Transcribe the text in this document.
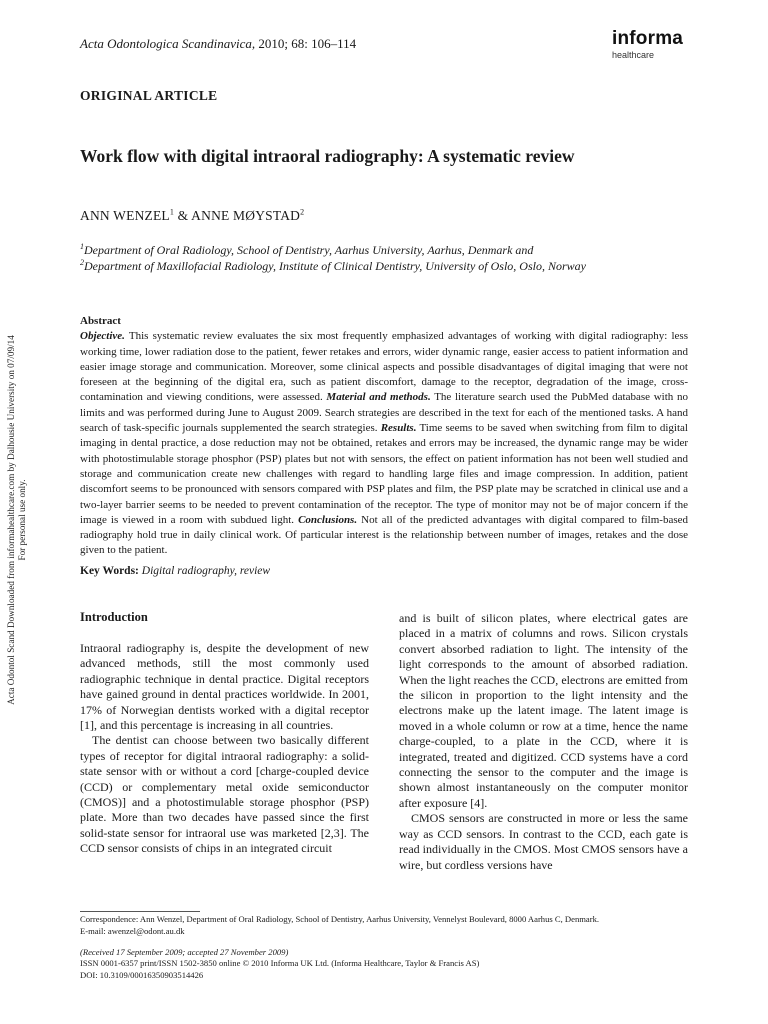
Acta Odontol Scand Downloaded from informahealthcare.com by Dalhousie University on 07/09/14 For personal use only.
Acta Odontologica Scandinavica, 2010; 68: 106–114	informa
healthcare
ORIGINAL ARTICLE
Work flow with digital intraoral radiography: A systematic review
ANN WENZEL$^1$ & ANNE MØYSTAD$^2$
$^1$Department of Oral Radiology, School of Dentistry, Aarhus University, Aarhus, Denmark and
$^2$Department of Maxillofacial Radiology, Institute of Clinical Dentistry, University of Oslo, Oslo, Norway
Abstract
Objective. This systematic review evaluates the six most frequently emphasized advantages of working with digital radiography: less working time, lower radiation dose to the patient, fewer retakes and errors, wider dynamic range, easier access to patient information and easier image storage and communication. Moreover, some clinical aspects and possible disadvantages of digital imaging that were not foreseen at the beginning of the digital era, such as patient discomfort, damage to the receptor, degradation of the image, cross-contamination and viewing conditions, were assessed. Material and methods. The literature search used the PubMed database with no limits and was performed during June to August 2009. Search strategies are described in the text for each of the mentioned tasks. A hand search of task-specific journals supplemented the search strategies. Results. Time seems to be saved when switching from film to digital imaging in dental practice, a dose reduction may not be obtained, retakes and errors may be increased, the dynamic range may be wider with photostimulable storage phosphor (PSP) plates but not with sensors, the effect on patient information has not been well studied and storage and communication create new challenges with regard to handling large files and image compression. In addition, patient discomfort seems to be pronounced with sensors compared with PSP plates and film, the PSP plate may be scratched in clinical use and a two-layer barrier seems to be needed to prevent contamination of the receptor. The type of monitor may not be of major concern if the image is viewed in a room with subdued light. Conclusions. Not all of the predicted advantages with digital compared to film-based radiography hold true in daily clinical work. Of particular interest is the relationship between number of images, retakes and the dose given to the patient.
Key Words: Digital radiography, review
Introduction

Intraoral radiography is, despite the development of new advanced methods, still the most commonly used radiographic technique in dental practice. Digital receptors have gained ground in dental practices worldwide. In 2001, 17% of Norwegian dentists worked with a digital receptor [1], and this percentage is increasing in all countries.

The dentist can choose between two basically different types of receptor for digital intraoral radiography: a solid-state sensor with or without a cord [charge-coupled device (CCD) or complementary metal oxide semiconductor (CMOS)] and a photostimulable storage phosphor (PSP) plate. More than two decades have passed since the first solid-state sensor for intraoral use was marketed [2,3]. The CCD sensor consists of chips in an integrated circuit

and is built of silicon plates, where electrical gates are placed in a matrix of columns and rows. Silicon crystals convert absorbed radiation to light. The intensity of the light corresponds to the amount of absorbed radiation. When the light reaches the CCD, electrons are emitted from the silicon in proportion to the light intensity and the electrons make up the latent image. The latent image is moved in a whole column or row at a time, hence the name charge-coupled, to a plate in the CCD, where it is integrated, treated and digitized. CCD systems have a cord connecting the sensor to the computer and the image is shown almost instantaneously on the computer monitor after exposure [4].

CMOS sensors are constructed in more or less the same way as CCD sensors. In contrast to the CCD, each gate is read individually in the CMOS. Most CMOS sensors have a wire, but cordless versions have

Correspondence: Ann Wenzel, Department of Oral Radiology, School of Dentistry, Aarhus University, Vennelyst Boulevard, 8000 Aarhus C, Denmark.
E-mail: awenzel@odont.au.dk
(Received 17 September 2009; accepted 27 November 2009)
ISSN 0001-6357 print/ISSN 1502-3850 online © 2010 Informa UK Ltd. (Informa Healthcare, Taylor & Francis AS)
DOI: 10.3109/00016350903514426
